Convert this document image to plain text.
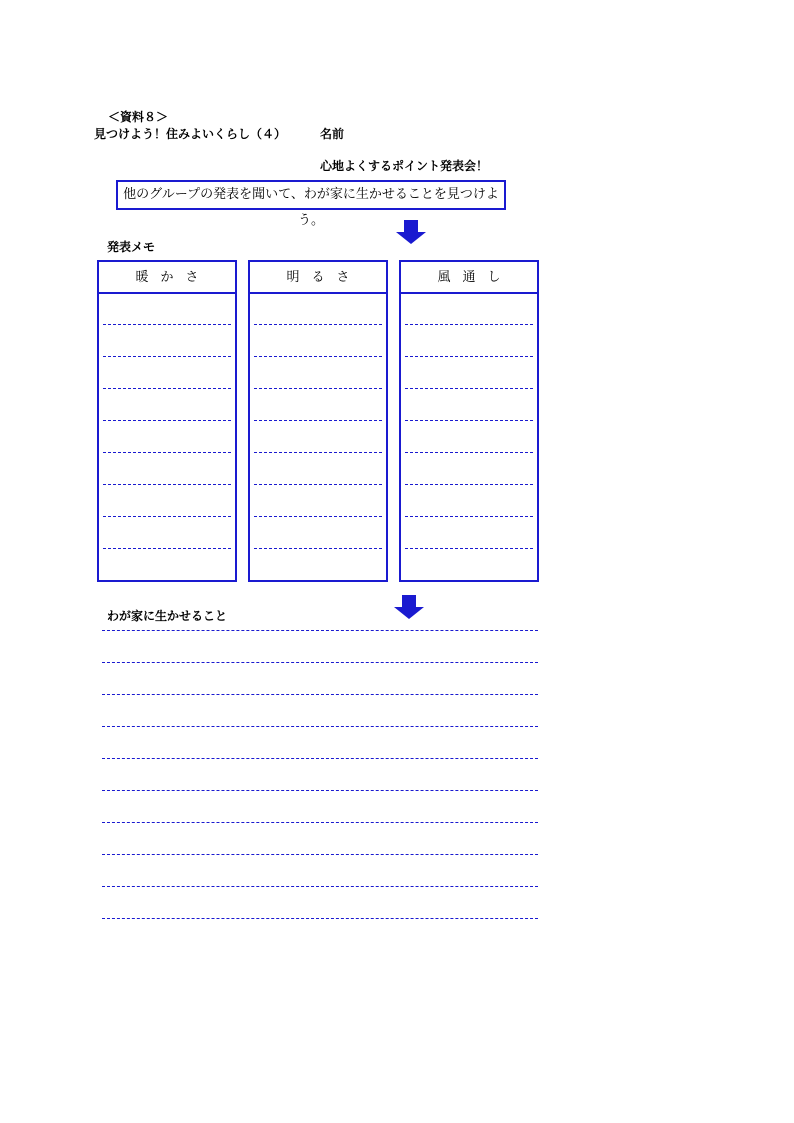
＜資料８＞
見つけよう！住みよいくらし（４）	名前
心地よくするポイント発表会！
他のグループの発表を聞いて、わが家に生かせることを見つけよう。
発表メモ
暖かさ	明るさ	風通し
わが家に生かせること
